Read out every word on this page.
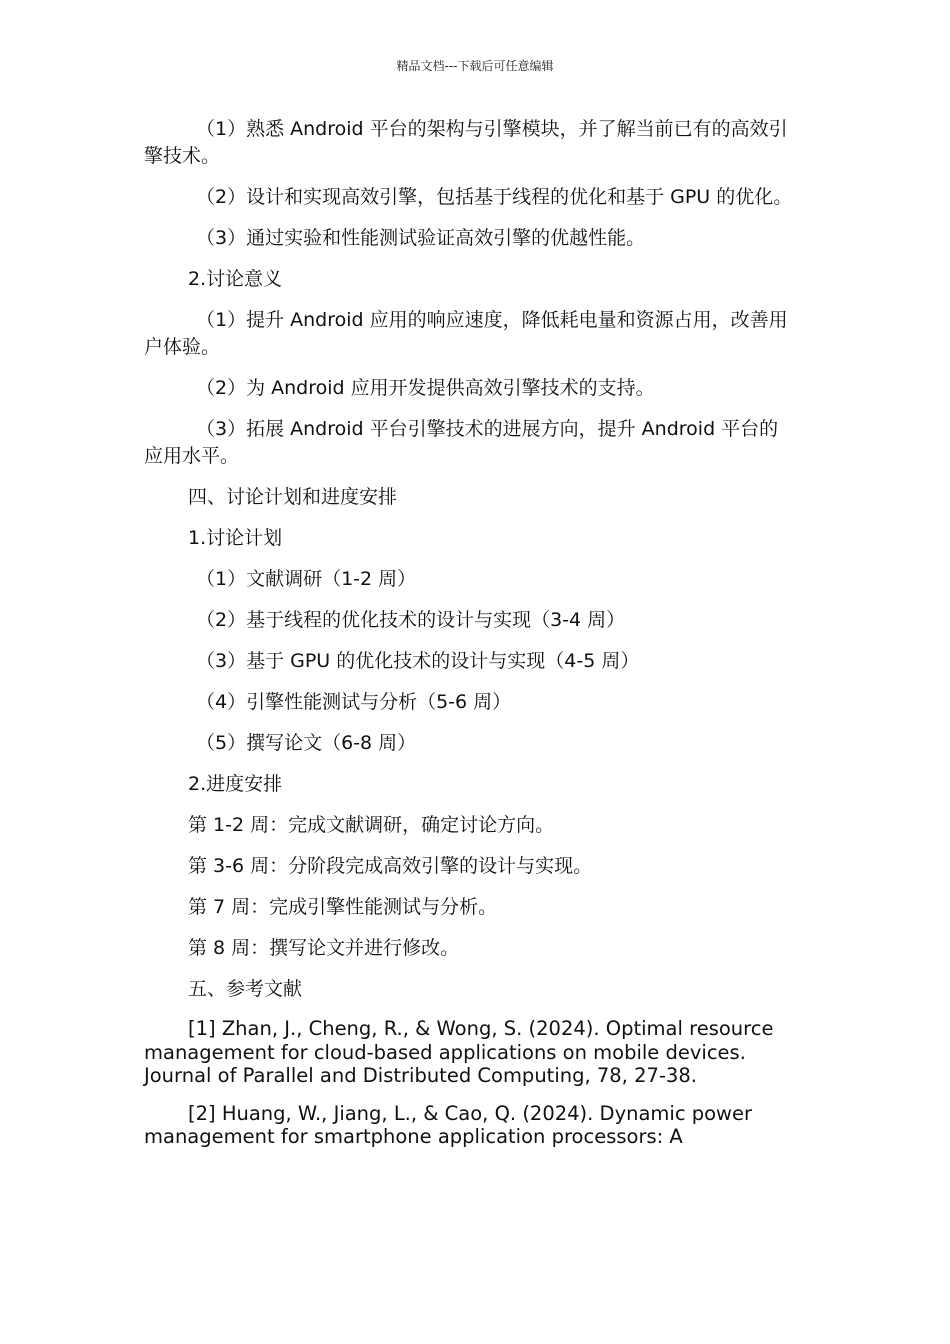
精品文档---下载后可任意编辑

（1）熟悉 Android 平台的架构与引擎模块，并了解当前已有的高效引擎技术。

（2）设计和实现高效引擎，包括基于线程的优化和基于 GPU 的优化。

（3）通过实验和性能测试验证高效引擎的优越性能。

2.讨论意义

（1）提升 Android 应用的响应速度，降低耗电量和资源占用，改善用户体验。

（2）为 Android 应用开发提供高效引擎技术的支持。

（3）拓展 Android 平台引擎技术的进展方向，提升 Android 平台的应用水平。

四、讨论计划和进度安排

1.讨论计划

（1）文献调研（1-2 周）

（2）基于线程的优化技术的设计与实现（3-4 周）

（3）基于 GPU 的优化技术的设计与实现（4-5 周）

（4）引擎性能测试与分析（5-6 周）

（5）撰写论文（6-8 周）

2.进度安排

第 1-2 周：完成文献调研，确定讨论方向。

第 3-6 周：分阶段完成高效引擎的设计与实现。

第 7 周：完成引擎性能测试与分析。

第 8 周：撰写论文并进行修改。

五、参考文献

[1] Zhan, J., Cheng, R., & Wong, S. (2024). Optimal resource management for cloud-based applications on mobile devices. Journal of Parallel and Distributed Computing, 78, 27-38.

[2] Huang, W., Jiang, L., & Cao, Q. (2024). Dynamic power management for smartphone application processors: A
